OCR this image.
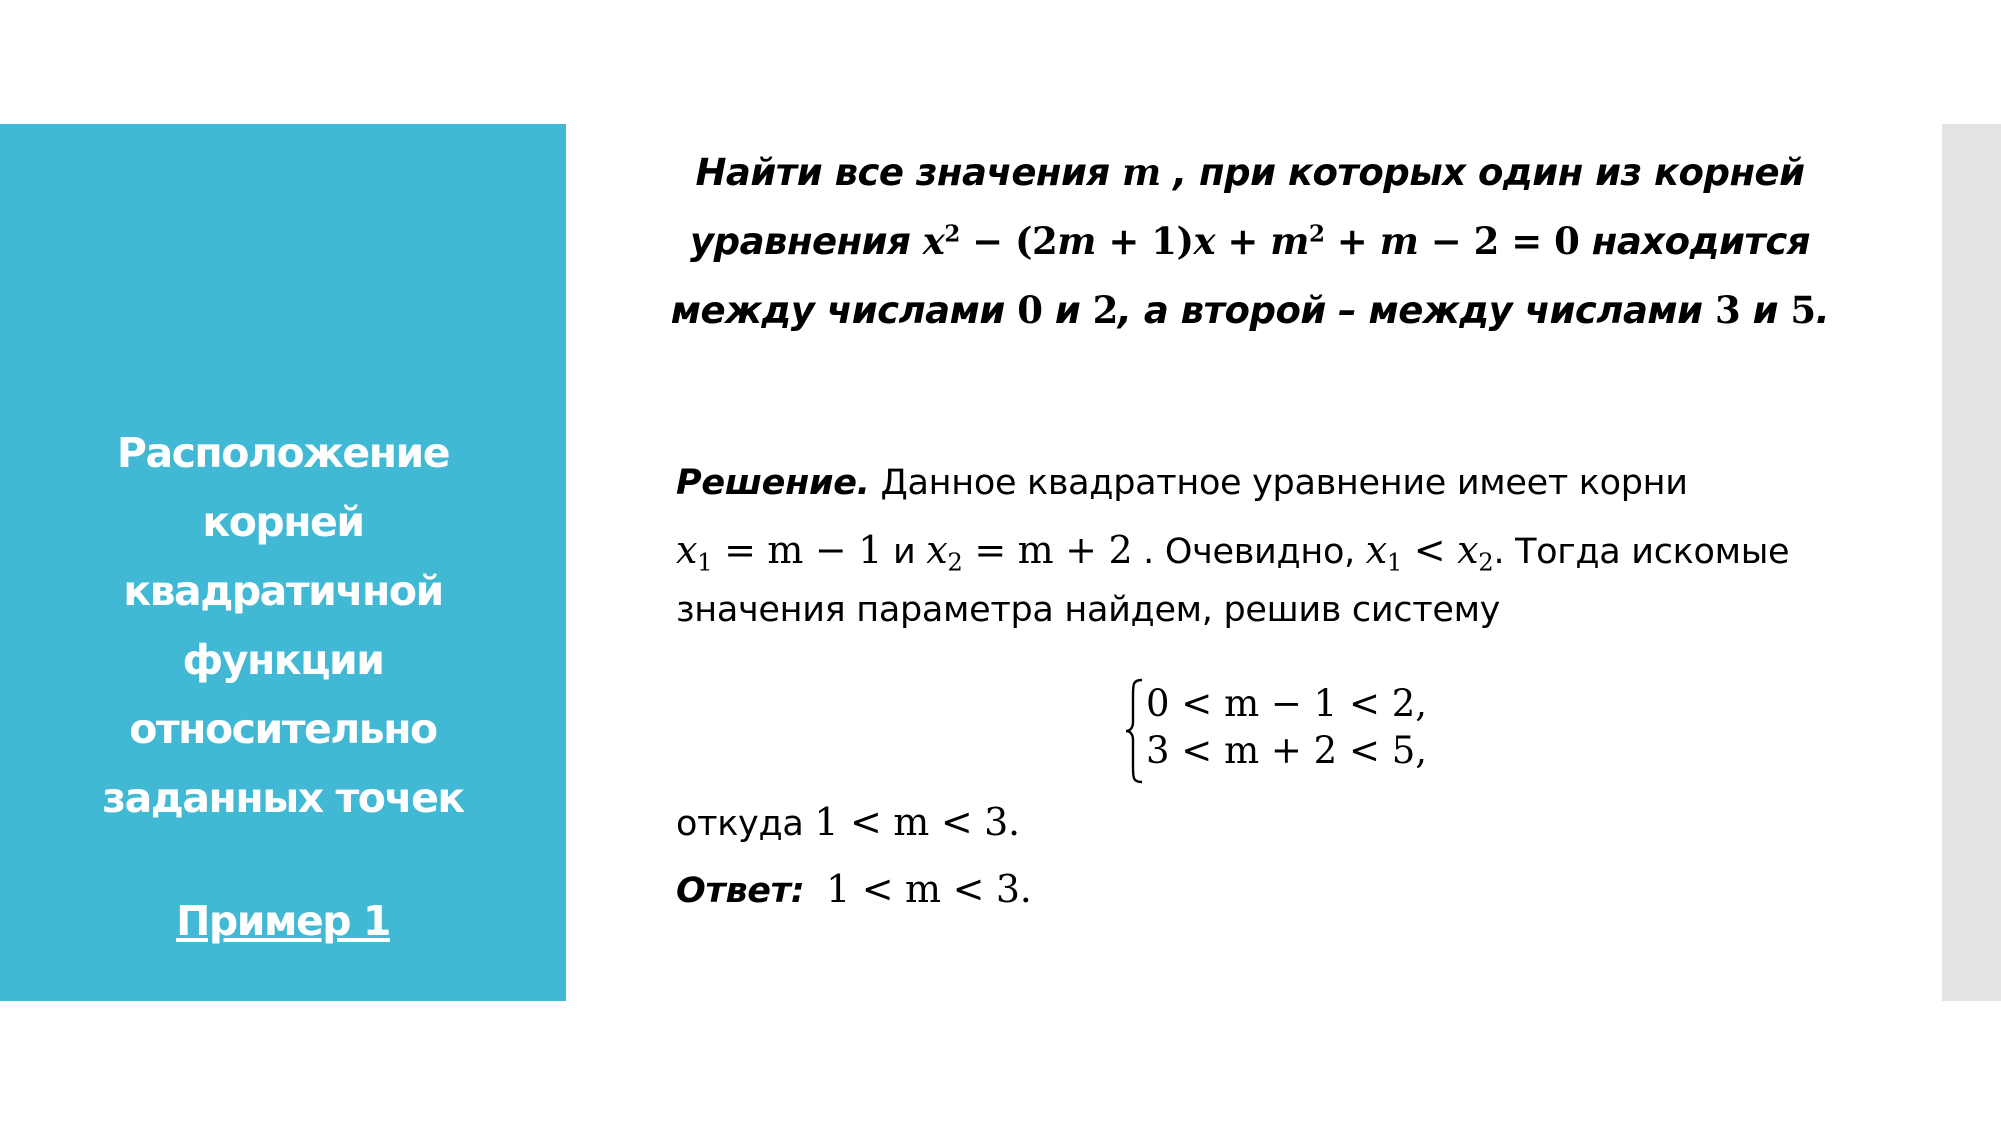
Расположение
корней
квадратичной
функции
относительно
заданных точек
Пример 1
Найти все значения m , при которых один из корней
уравнения $x^2 - (2m + 1)x + m^2 + m - 2 = 0$ находится
между числами 0 и 2, а второй – между числами 3 и 5.
Решение. Данное квадратное уравнение имеет корни
$x_1 = m - 1$ и $x_2 = m + 2$ . Очевидно, $x_1 < x_2$. Тогда искомые
значения параметра найдем, решив систему
0 < m − 1 < 2,
3 < m + 2 < 5,
откуда 1 < m < 3.
Ответ: 1 < m < 3.
